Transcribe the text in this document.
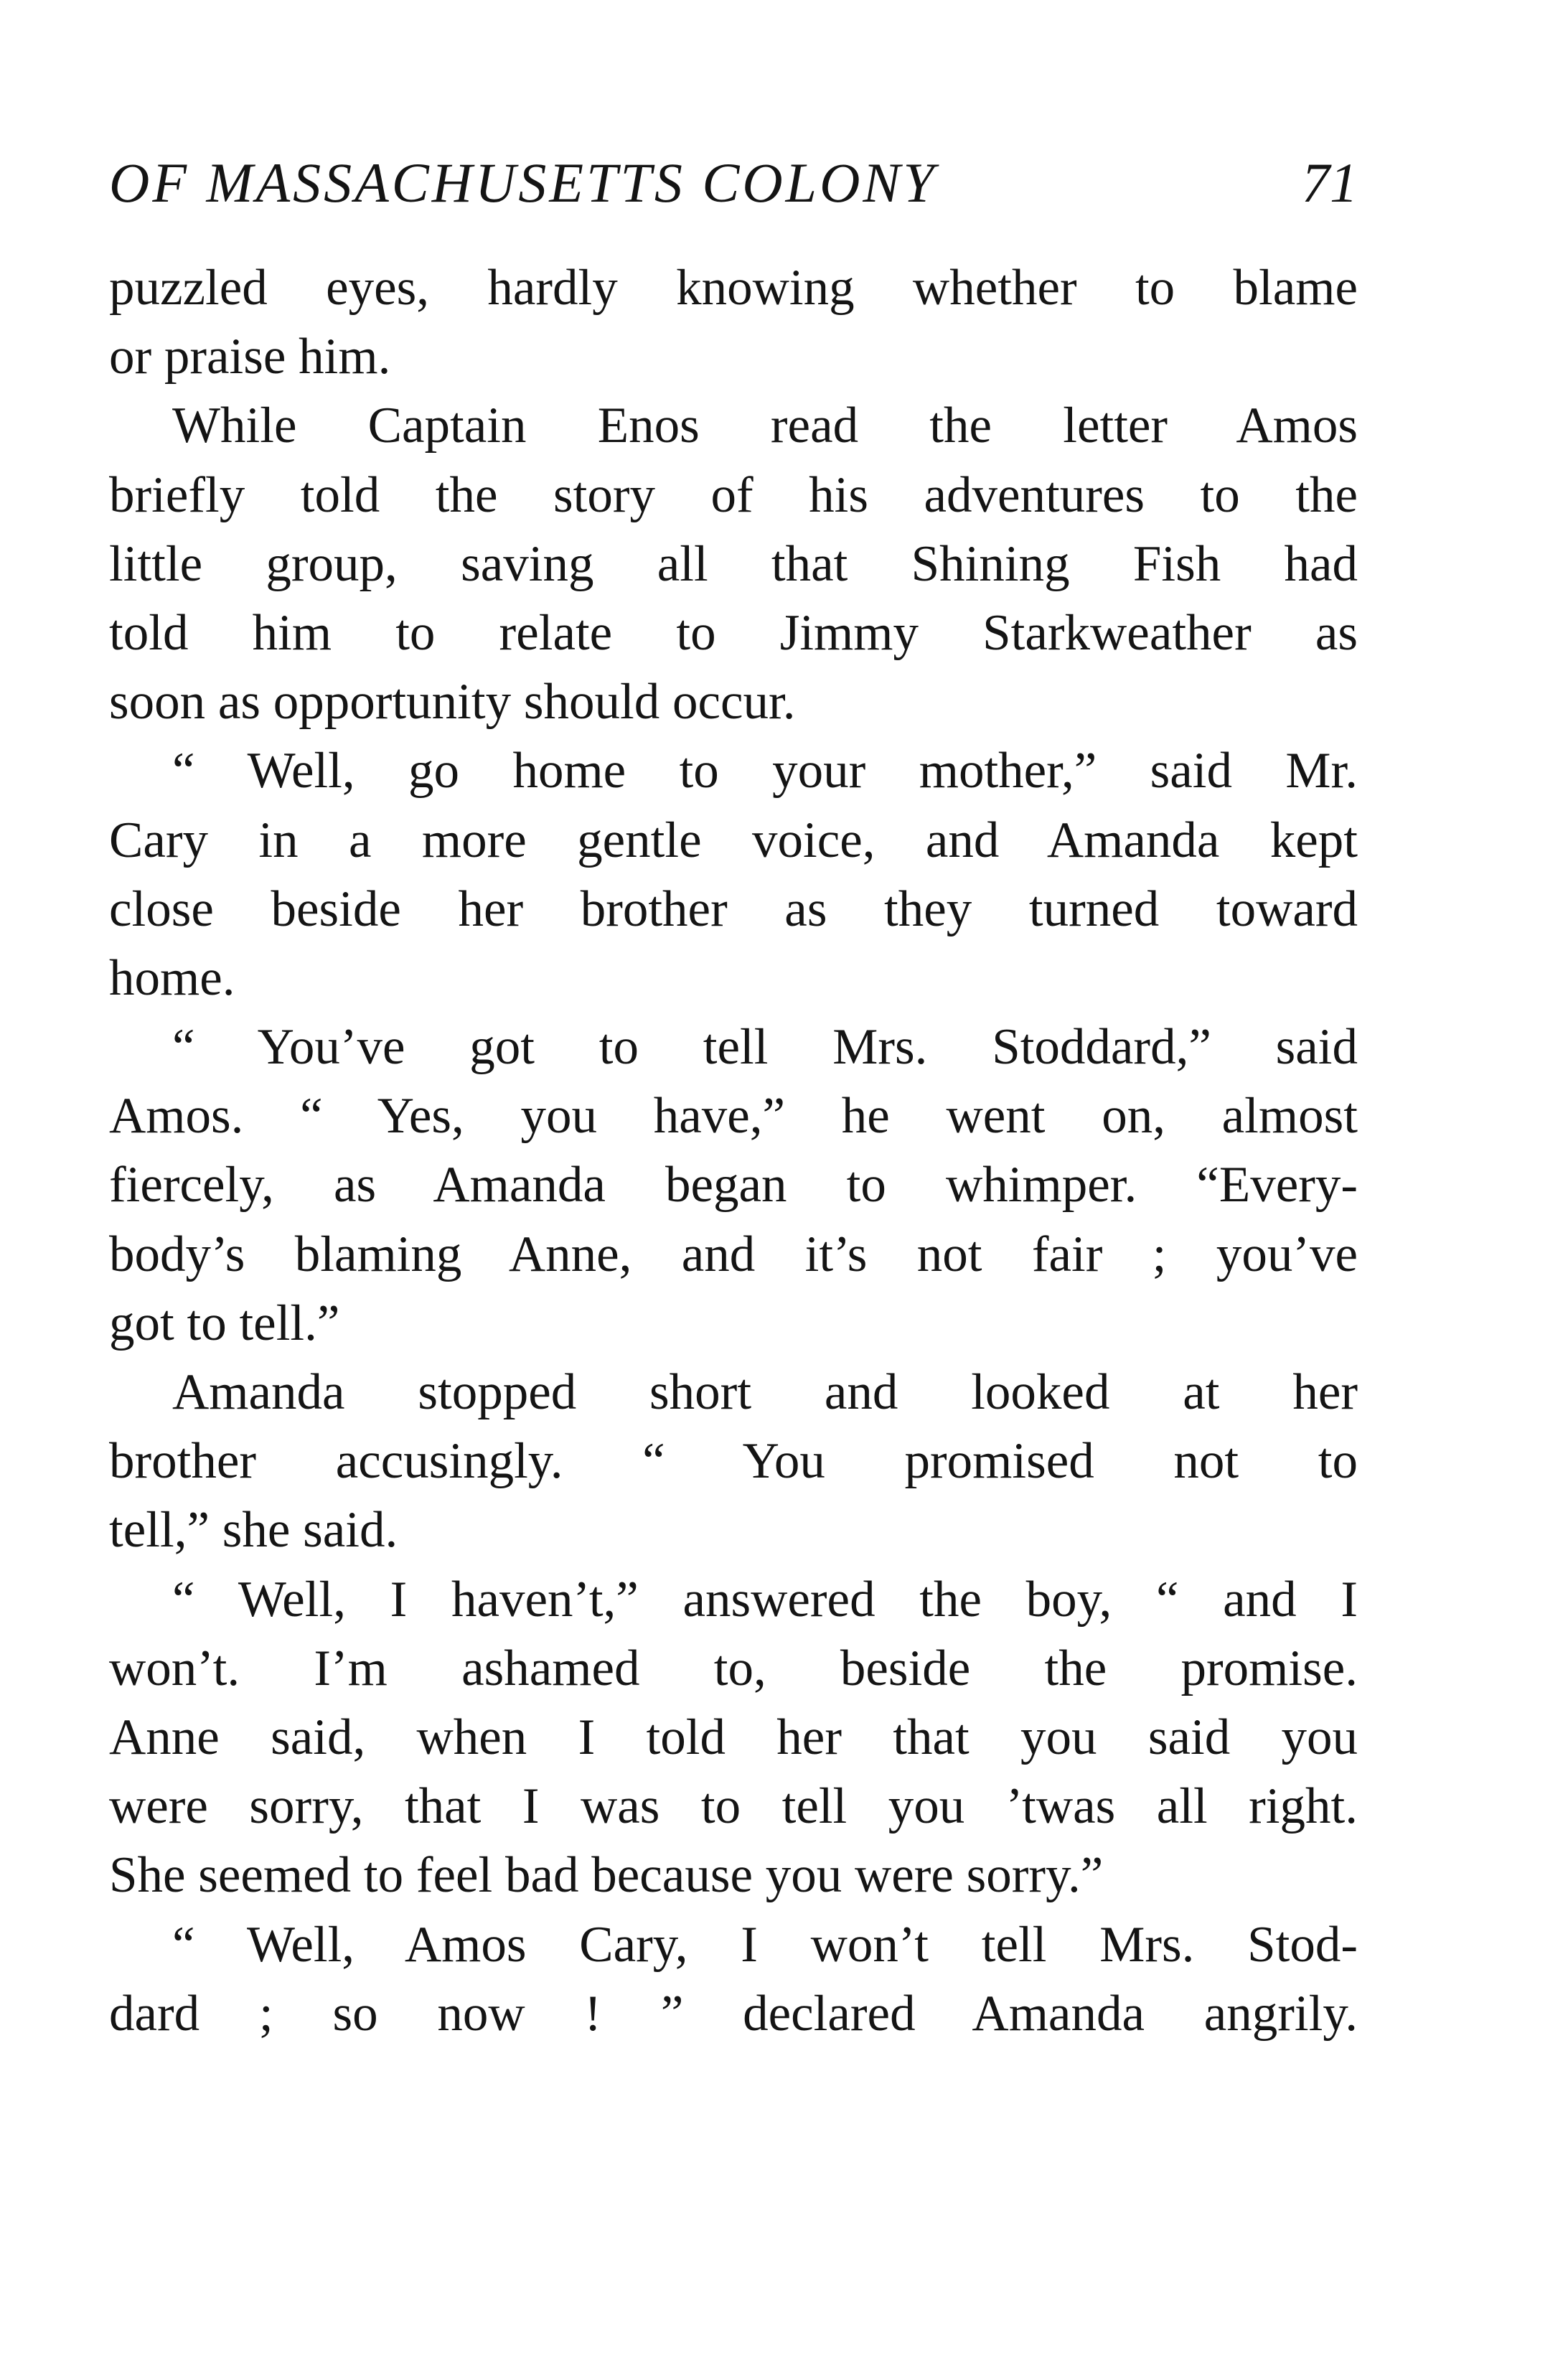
OF MASSACHUSETTS COLONY	71
puzzled eyes, hardly knowing whether to blame
or praise him.
While Captain Enos read the letter Amos
briefly told the story of his adventures to the
little group, saving all that Shining Fish had
told him to relate to Jimmy Starkweather as
soon as opportunity should occur.
“ Well, go home to your mother,” said Mr.
Cary in a more gentle voice, and Amanda kept
close beside her brother as they turned toward
home.
“ You’ve got to tell Mrs. Stoddard,” said
Amos. “ Yes, you have,” he went on, almost
fiercely, as Amanda began to whimper. “Every-
body’s blaming Anne, and it’s not fair ; you’ve
got to tell.”
Amanda stopped short and looked at her
brother accusingly. “ You promised not to
tell,” she said.
“ Well, I haven’t,” answered the boy, “ and I
won’t. I’m ashamed to, beside the promise.
Anne said, when I told her that you said you
were sorry, that I was to tell you ’twas all right.
She seemed to feel bad because you were sorry.”
“ Well, Amos Cary, I won’t tell Mrs. Stod-
dard ; so now ! ” declared Amanda angrily.
